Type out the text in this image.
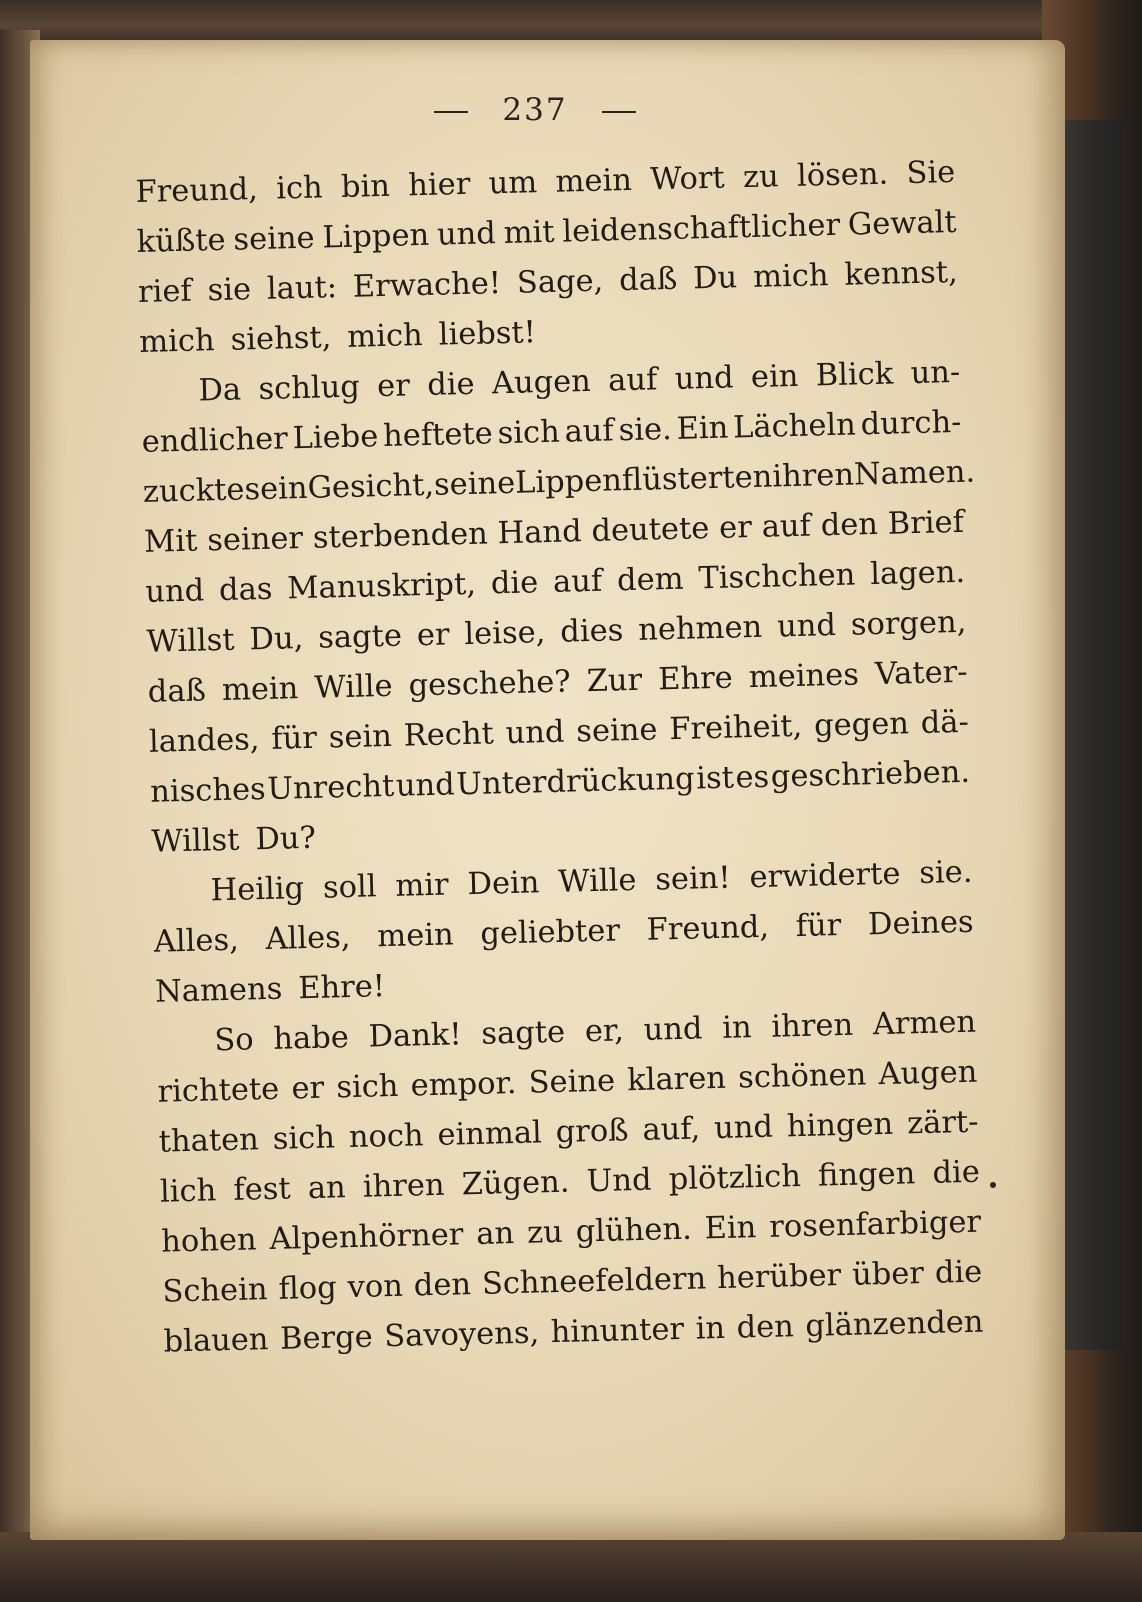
237
Freund, ich bin hier um mein Wort zu lösen. Sie
küßte seine Lippen und mit leidenschaftlicher Gewalt
rief sie laut: Erwache! Sage, daß Du mich kennst,
mich siehst, mich liebst!
Da schlug er die Augen auf und ein Blick un-
endlicher Liebe heftete sich auf sie. Ein Lächeln durch-
zuckte sein Gesicht, seine Lippen flüsterten ihren Namen.
Mit seiner sterbenden Hand deutete er auf den Brief
und das Manuskript, die auf dem Tischchen lagen.
Willst Du, sagte er leise, dies nehmen und sorgen,
daß mein Wille geschehe? Zur Ehre meines Vater-
landes, für sein Recht und seine Freiheit, gegen dä-
nisches Unrecht und Unterdrückung ist es geschrieben.
Willst Du?
Heilig soll mir Dein Wille sein! erwiderte sie.
Alles, Alles, mein geliebter Freund, für Deines
Namens Ehre!
So habe Dank! sagte er, und in ihren Armen
richtete er sich empor. Seine klaren schönen Augen
thaten sich noch einmal groß auf, und hingen zärt-
lich fest an ihren Zügen. Und plötzlich fingen die
hohen Alpenhörner an zu glühen. Ein rosenfarbiger
Schein flog von den Schneefeldern herüber über die
blauen Berge Savoyens, hinunter in den glänzenden
